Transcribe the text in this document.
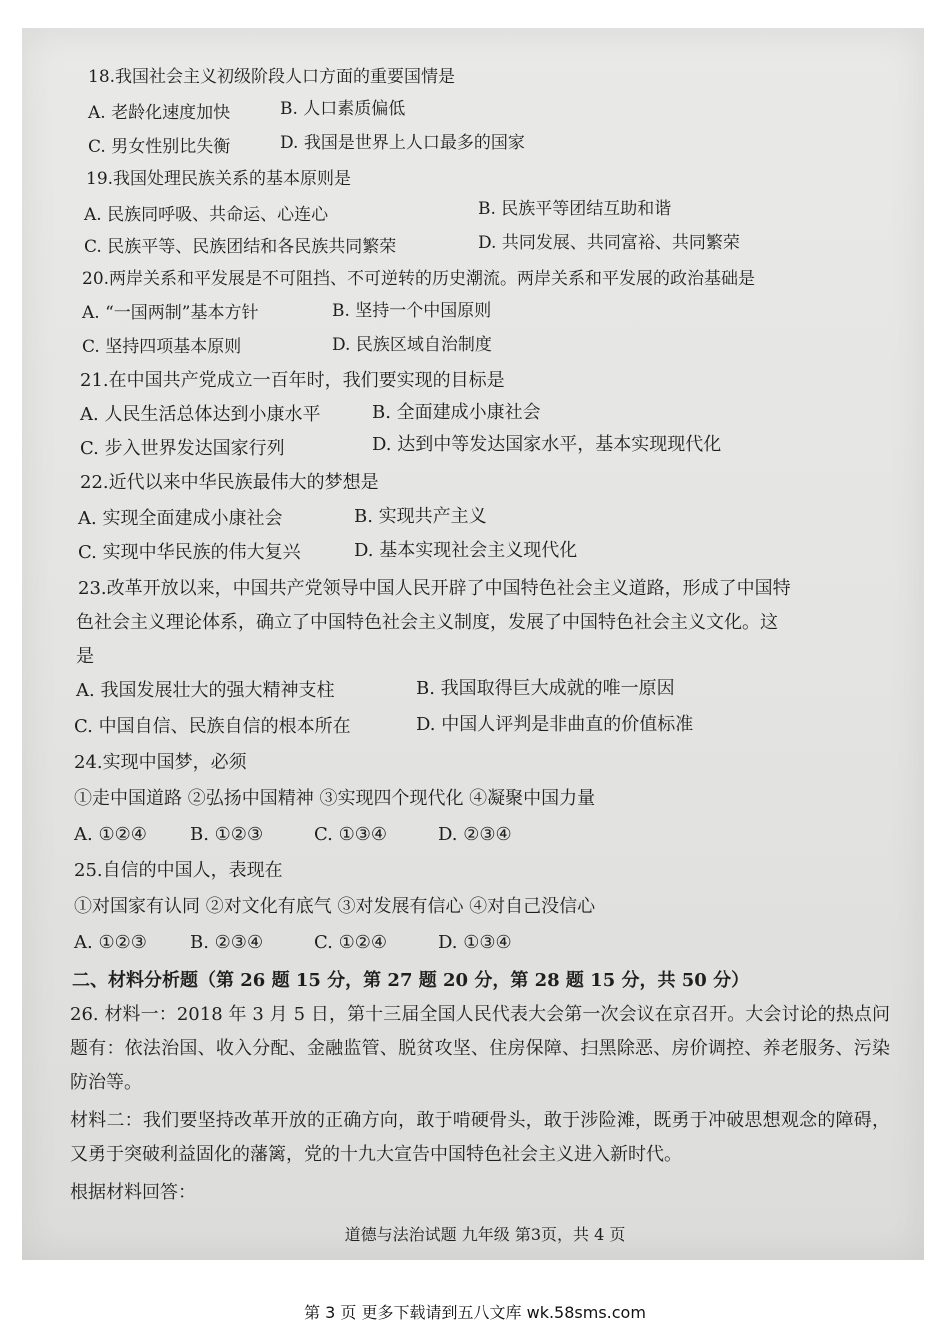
18.我国社会主义初级阶段人口方面的重要国情是
A. 老龄化速度加快	B. 人口素质偏低
C. 男女性别比失衡	D. 我国是世界上人口最多的国家
19.我国处理民族关系的基本原则是
A. 民族同呼吸、共命运、心连心	B. 民族平等团结互助和谐
C. 民族平等、民族团结和各民族共同繁荣	D. 共同发展、共同富裕、共同繁荣
20.两岸关系和平发展是不可阻挡、不可逆转的历史潮流。两岸关系和平发展的政治基础是
A. “一国两制”基本方针	B. 坚持一个中国原则
C. 坚持四项基本原则	D. 民族区域自治制度
21.在中国共产党成立一百年时，我们要实现的目标是
A. 人民生活总体达到小康水平	B. 全面建成小康社会
C. 步入世界发达国家行列	D. 达到中等发达国家水平，基本实现现代化
22.近代以来中华民族最伟大的梦想是
A. 实现全面建成小康社会	B. 实现共产主义
C. 实现中华民族的伟大复兴	D. 基本实现社会主义现代化
23.改革开放以来，中国共产党领导中国人民开辟了中国特色社会主义道路，形成了中国特
色社会主义理论体系，确立了中国特色社会主义制度，发展了中国特色社会主义文化。这
是
A. 我国发展壮大的强大精神支柱	B. 我国取得巨大成就的唯一原因
C. 中国自信、民族自信的根本所在	D. 中国人评判是非曲直的价值标准
24.实现中国梦，必须
①走中国道路 ②弘扬中国精神 ③实现四个现代化 ④凝聚中国力量
A. ①②④ B. ①②③	C. ①③④	D. ②③④
25.自信的中国人，表现在
①对国家有认同 ②对文化有底气 ③对发展有信心 ④对自己没信心
A. ①②③ B. ②③④	C. ①②④	D. ①③④
二、材料分析题（第 26 题 15 分，第 27 题 20 分，第 28 题 15 分，共 50 分）
26. 材料一：2018 年 3 月 5 日，第十三届全国人民代表大会第一次会议在京召开。大会讨论的热点问题有：依法治国、收入分配、金融监管、脱贫攻坚、住房保障、扫黑除恶、房价调控、养老服务、污染防治等。
材料二：我们要坚持改革开放的正确方向，敢于啃硬骨头，敢于涉险滩，既勇于冲破思想观念的障碍，又勇于突破利益固化的藩篱，党的十九大宣告中国特色社会主义进入新时代。
根据材料回答：
道德与法治试题 九年级 第3页，共 4 页
第 3 页 更多下载请到五八文库 wk.58sms.com
